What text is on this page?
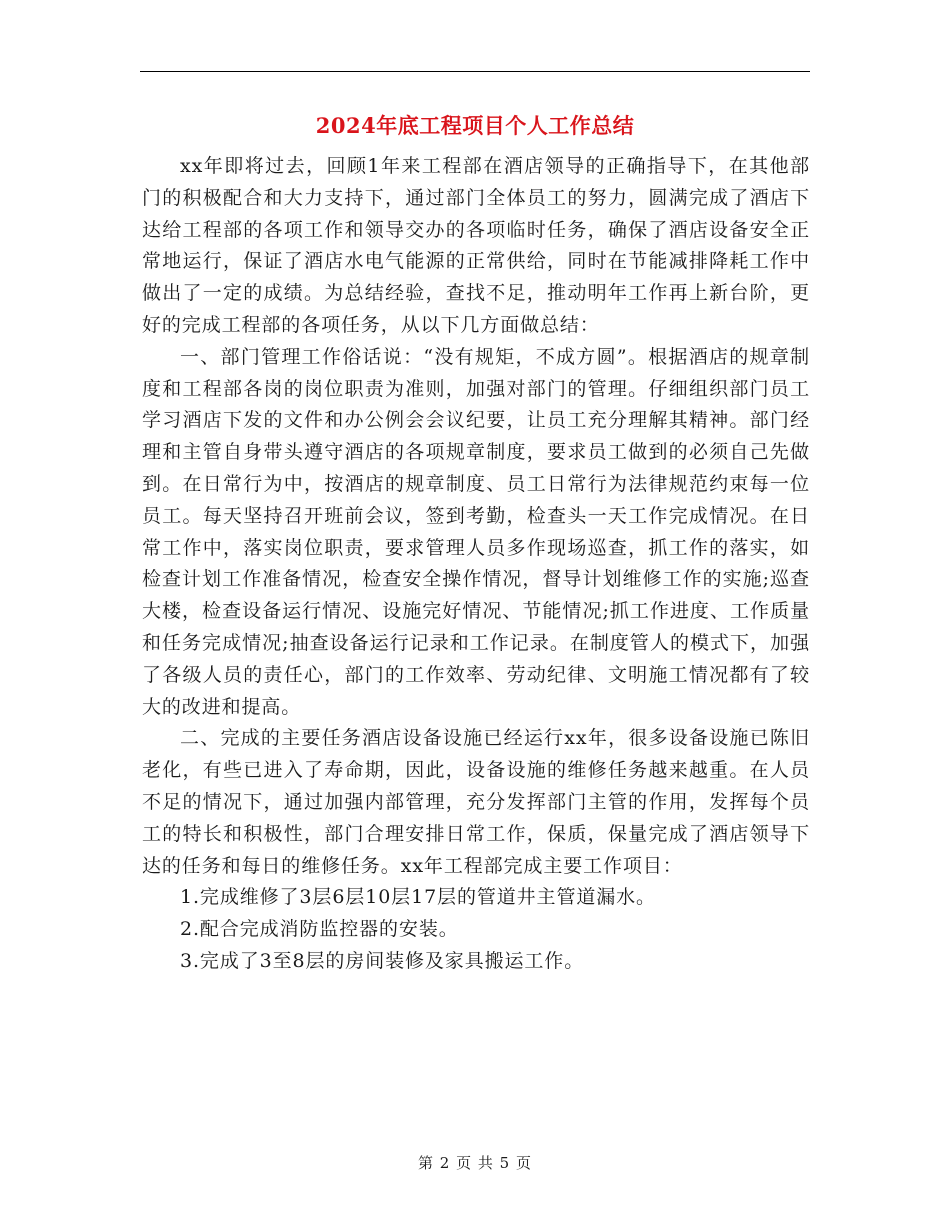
2024年底工程项目个人工作总结

xx年即将过去，回顾1年来工程部在酒店领导的正确指导下，在其他部门的积极配合和大力支持下，通过部门全体员工的努力，圆满完成了酒店下达给工程部的各项工作和领导交办的各项临时任务，确保了酒店设备安全正常地运行，保证了酒店水电气能源的正常供给，同时在节能减排降耗工作中做出了一定的成绩。为总结经验，查找不足，推动明年工作再上新台阶，更好的完成工程部的各项任务，从以下几方面做总结：

一、部门管理工作俗话说：“没有规矩，不成方圆”。根据酒店的规章制度和工程部各岗的岗位职责为准则，加强对部门的管理。仔细组织部门员工学习酒店下发的文件和办公例会会议纪要，让员工充分理解其精神。部门经理和主管自身带头遵守酒店的各项规章制度，要求员工做到的必须自己先做到。在日常行为中，按酒店的规章制度、员工日常行为法律规范约束每一位员工。每天坚持召开班前会议，签到考勤，检查头一天工作完成情况。在日常工作中，落实岗位职责，要求管理人员多作现场巡查，抓工作的落实，如检查计划工作准备情况，检查安全操作情况，督导计划维修工作的实施;巡查大楼，检查设备运行情况、设施完好情况、节能情况;抓工作进度、工作质量和任务完成情况;抽查设备运行记录和工作记录。在制度管人的模式下，加强了各级人员的责任心，部门的工作效率、劳动纪律、文明施工情况都有了较大的改进和提高。

二、完成的主要任务酒店设备设施已经运行xx年，很多设备设施已陈旧老化，有些已进入了寿命期，因此，设备设施的维修任务越来越重。在人员不足的情况下，通过加强内部管理，充分发挥部门主管的作用，发挥每个员工的特长和积极性，部门合理安排日常工作，保质，保量完成了酒店领导下达的任务和每日的维修任务。xx年工程部完成主要工作项目：

1.完成维修了3层6层10层17层的管道井主管道漏水。

2.配合完成消防监控器的安装。

3.完成了3至8层的房间装修及家具搬运工作。

第 2 页 共 5 页
